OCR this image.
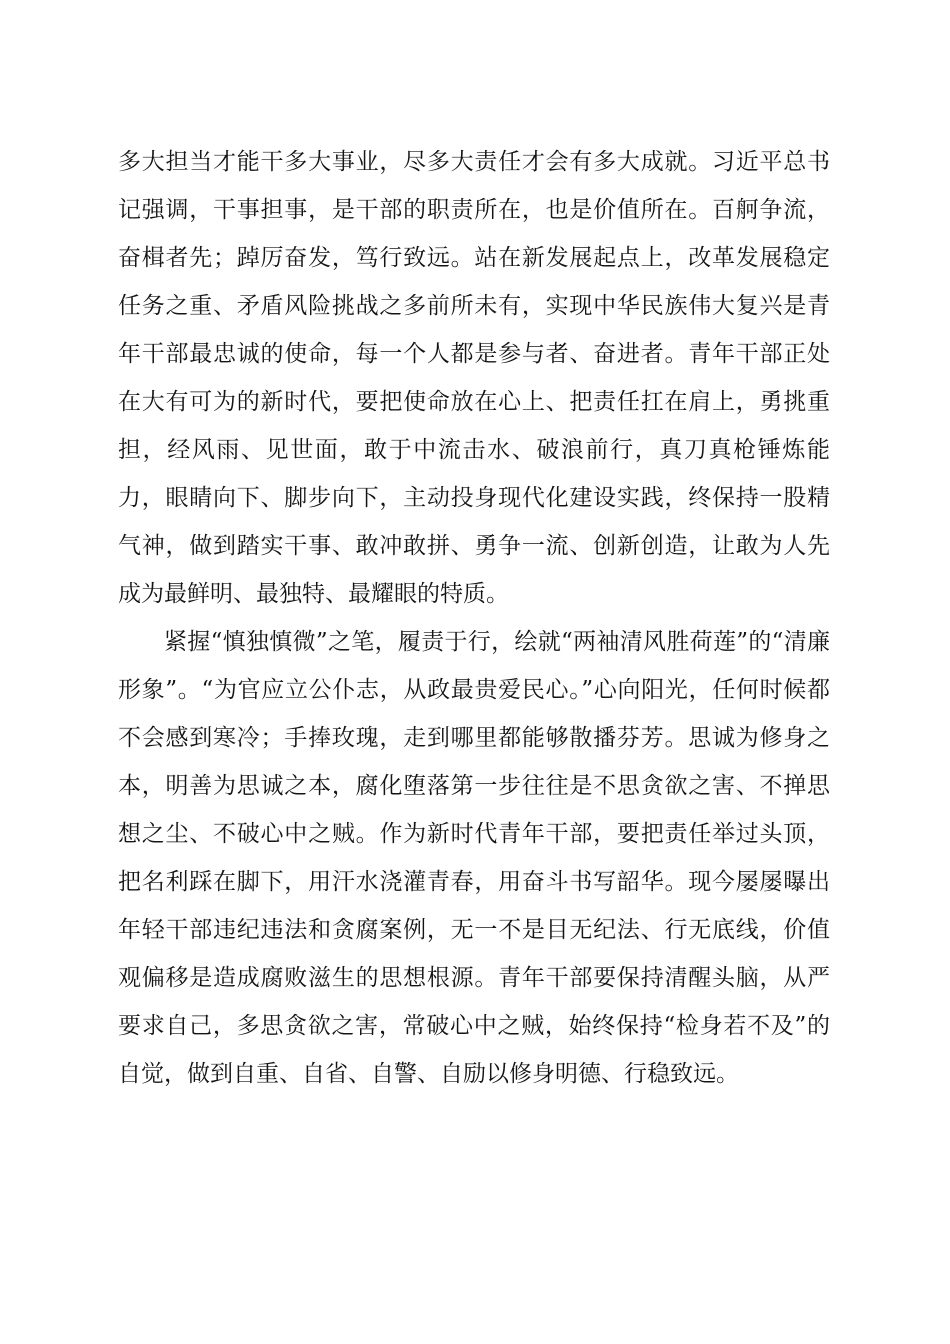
多大担当才能干多大事业，尽多大责任才会有多大成就。习近平总书记强调，干事担事，是干部的职责所在，也是价值所在。百舸争流，奋楫者先；踔厉奋发，笃行致远。站在新发展起点上，改革发展稳定任务之重、矛盾风险挑战之多前所未有，实现中华民族伟大复兴是青年干部最忠诚的使命，每一个人都是参与者、奋进者。青年干部正处在大有可为的新时代，要把使命放在心上、把责任扛在肩上，勇挑重担，经风雨、见世面，敢于中流击水、破浪前行，真刀真枪锤炼能力，眼睛向下、脚步向下，主动投身现代化建设实践，终保持一股精气神，做到踏实干事、敢冲敢拼、勇争一流、创新创造，让敢为人先成为最鲜明、最独特、最耀眼的特质。

紧握“慎独慎微”之笔，履责于行，绘就“两袖清风胜荷莲”的“清廉形象”。“为官应立公仆志，从政最贵爱民心。”心向阳光，任何时候都不会感到寒冷；手捧玫瑰，走到哪里都能够散播芬芳。思诚为修身之本，明善为思诚之本，腐化堕落第一步往往是不思贪欲之害、不掸思想之尘、不破心中之贼。作为新时代青年干部，要把责任举过头顶，把名利踩在脚下，用汗水浇灌青春，用奋斗书写韶华。现今屡屡曝出年轻干部违纪违法和贪腐案例，无一不是目无纪法、行无底线，价值观偏移是造成腐败滋生的思想根源。青年干部要保持清醒头脑，从严要求自己，多思贪欲之害，常破心中之贼，始终保持“检身若不及”的自觉，做到自重、自省、自警、自励以修身明德、行稳致远。
